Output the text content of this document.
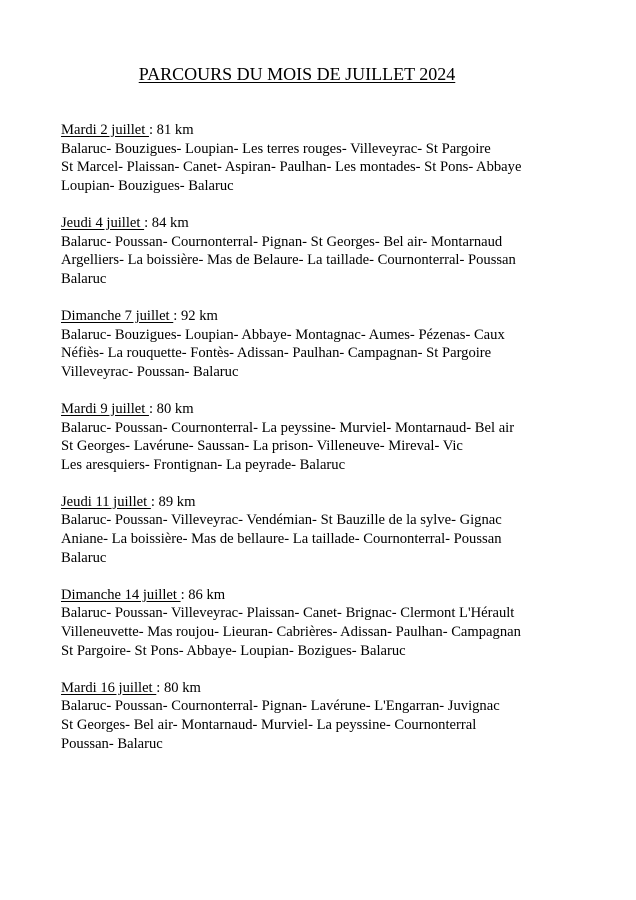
PARCOURS DU MOIS DE JUILLET 2024
Mardi 2 juillet : 81 km
Balaruc- Bouzigues- Loupian- Les terres rouges- Villeveyrac- St Pargoire
St Marcel- Plaissan- Canet- Aspiran- Paulhan- Les montades- St Pons- Abbaye
Loupian- Bouzigues- Balaruc
Jeudi 4 juillet : 84 km
Balaruc- Poussan- Cournonterral- Pignan- St Georges- Bel air- Montarnaud
Argelliers- La boissière- Mas de Belaure- La taillade- Cournonterral- Poussan
Balaruc
Dimanche 7 juillet : 92 km
Balaruc- Bouzigues- Loupian- Abbaye- Montagnac- Aumes- Pézenas- Caux
Néfiès- La rouquette- Fontès- Adissan- Paulhan- Campagnan- St Pargoire
Villeveyrac- Poussan- Balaruc
Mardi 9 juillet : 80 km
Balaruc- Poussan- Cournonterral- La peyssine- Murviel- Montarnaud- Bel air
St Georges- Lavérune- Saussan- La prison- Villeneuve- Mireval- Vic
Les aresquiers- Frontignan- La peyrade- Balaruc
Jeudi 11 juillet : 89 km
Balaruc- Poussan- Villeveyrac- Vendémian- St Bauzille de la sylve- Gignac
Aniane- La boissière- Mas de bellaure- La taillade- Cournonterral- Poussan
Balaruc
Dimanche 14 juillet : 86 km
Balaruc- Poussan- Villeveyrac- Plaissan- Canet- Brignac- Clermont L'Hérault
Villeneuvette- Mas roujou- Lieuran- Cabrières- Adissan- Paulhan- Campagnan
St Pargoire- St Pons- Abbaye- Loupian- Bozigues- Balaruc
Mardi 16 juillet : 80 km
Balaruc- Poussan- Cournonterral- Pignan- Lavérune- L'Engarran- Juvignac
St Georges- Bel air- Montarnaud- Murviel- La peyssine- Cournonterral
Poussan- Balaruc
